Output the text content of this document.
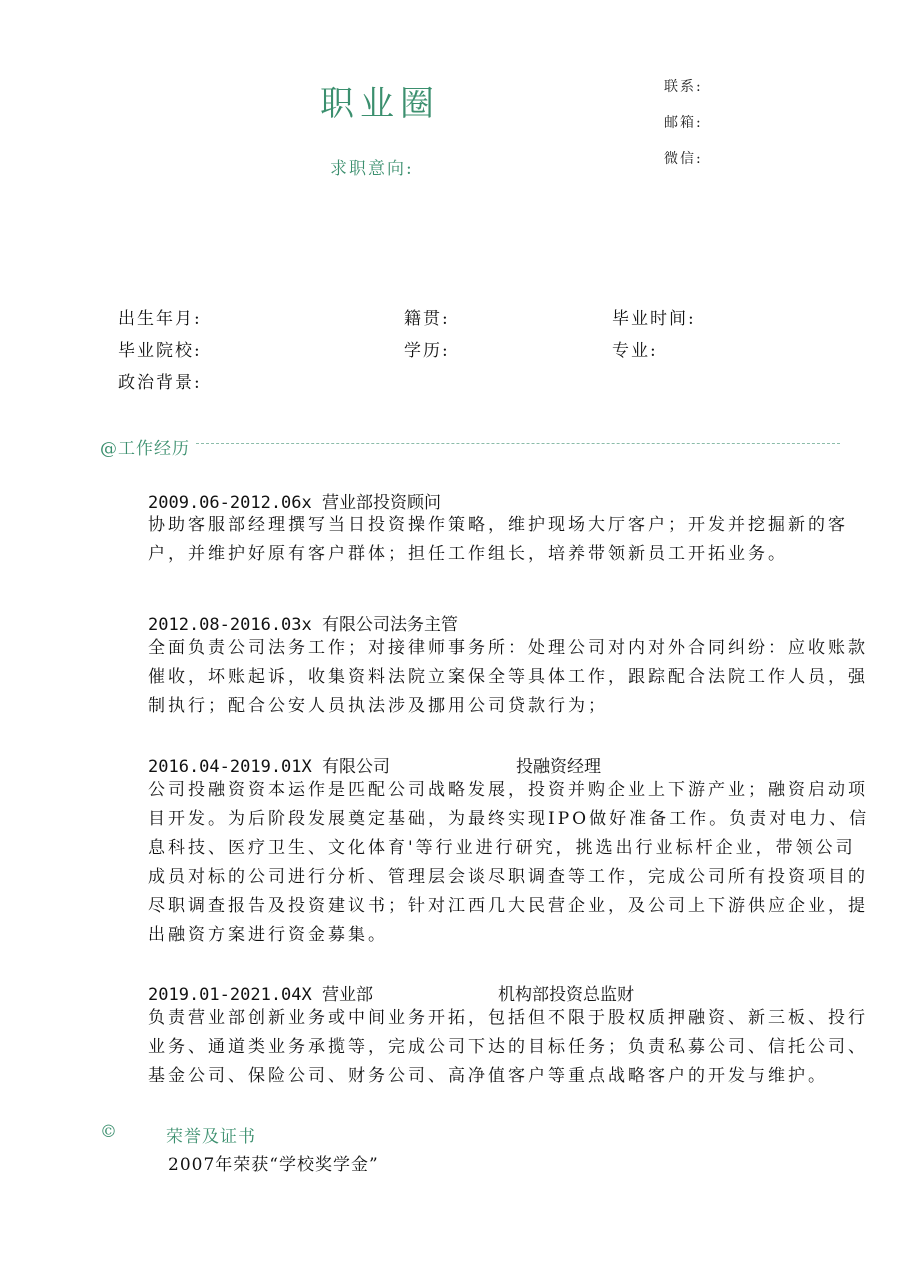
职业圈
求职意向:
联系:
邮箱:
微信:
出生年月:	籍贯:	毕业时间:
毕业院校:	学历:	专业:
政治背景:
@工作经历
2009.06-2012.06x 营业部投资顾问
协助客服部经理撰写当日投资操作策略，维护现场大厅客户；开发并挖掘新的客户，并维护好原有客户群体；担任工作组长，培养带领新员工开拓业务。
2012.08-2016.03x 有限公司法务主管
全面负责公司法务工作；对接律师事务所：处理公司对内对外合同纠纷：应收账款催收，坏账起诉，收集资料法院立案保全等具体工作，跟踪配合法院工作人员，强制执行；配合公安人员执法涉及挪用公司贷款行为；
2016.04-2019.01X 有限公司	投融资经理
公司投融资资本运作是匹配公司战略发展，投资并购企业上下游产业；融资启动项目开发。为后阶段发展奠定基础，为最终实现IPO做好准备工作。负责对电力、信息科技、医疗卫生、文化体育'等行业进行研究，挑选出行业标杆企业，带领公司成员对标的公司进行分析、管理层会谈尽职调查等工作，完成公司所有投资项目的尽职调查报告及投资建议书；针对江西几大民营企业，及公司上下游供应企业，提出融资方案进行资金募集。
2019.01-2021.04X 营业部	机构部投资总监财
负责营业部创新业务或中间业务开拓，包括但不限于股权质押融资、新三板、投行业务、通道类业务承揽等，完成公司下达的目标任务；负责私募公司、信托公司、基金公司、保险公司、财务公司、高净值客户等重点战略客户的开发与维护。
©	荣誉及证书
2007年荣获“学校奖学金”
